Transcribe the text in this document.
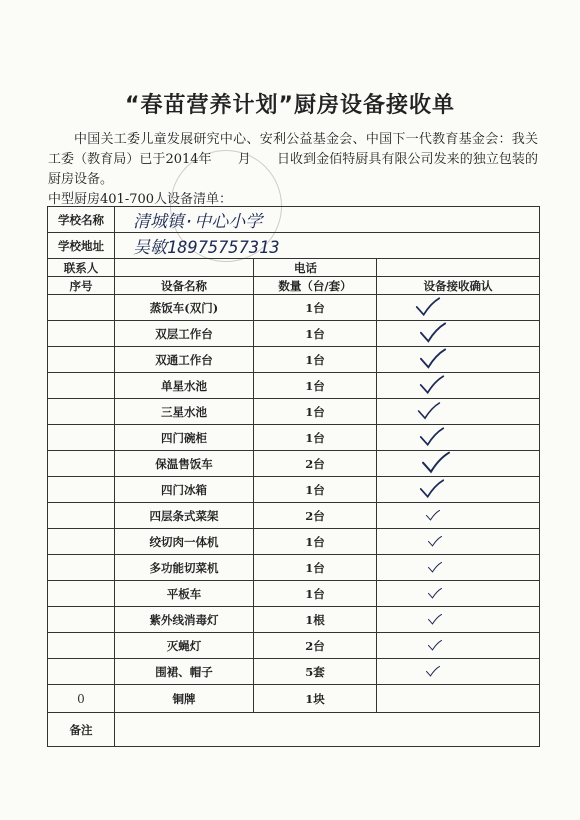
“春苗营养计划”厨房设备接收单

中国关工委儿童发展研究中心、安利公益基金会、中国下一代教育基金会：我关工委（教育局）已于2014年　　月　　日收到金佰特厨具有限公司发来的独立包装的厨房设备。

中型厨房401-700人设备清单：
学校名称	清城镇·中心小学		
学校地址	吴敏18975757313		
联系人		电话	
序号	设备名称	数量（台/套）	设备接收确认
	蒸饭车(双门)	1台	

	双层工作台	1台	

	双通工作台	1台	

	单星水池	1台	

	三星水池	1台	

	四门碗柜	1台	

	保温售饭车	2台	

	四门冰箱	1台	

	四层条式菜架	2台	

	绞切肉一体机	1台	

	多功能切菜机	1台	

	平板车	1台	

	紫外线消毒灯	1根	

	灭蝇灯	2台	

	围裙、帽子	5套	

0	铜牌	1块	
备注			
